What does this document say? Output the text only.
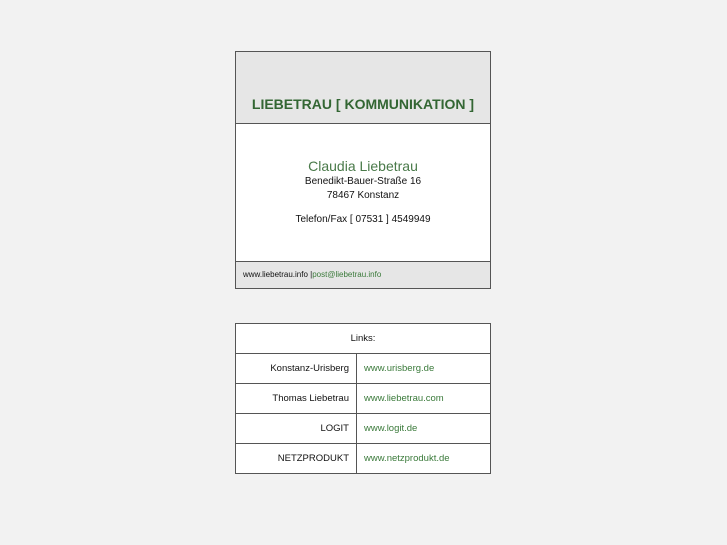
LIEBETRAU [ KOMMUNIKATION ]
Claudia Liebetrau
Benedikt-Bauer-Straße 16
78467 Konstanz
Telefon/Fax [ 07531 ] 4549949
www.liebetrau.info |post@liebetrau.info
Links:	
Konstanz-Urisberg	www.urisberg.de
Thomas Liebetrau	www.liebetrau.com
LOGIT	www.logit.de
NETZPRODUKT	www.netzprodukt.de
